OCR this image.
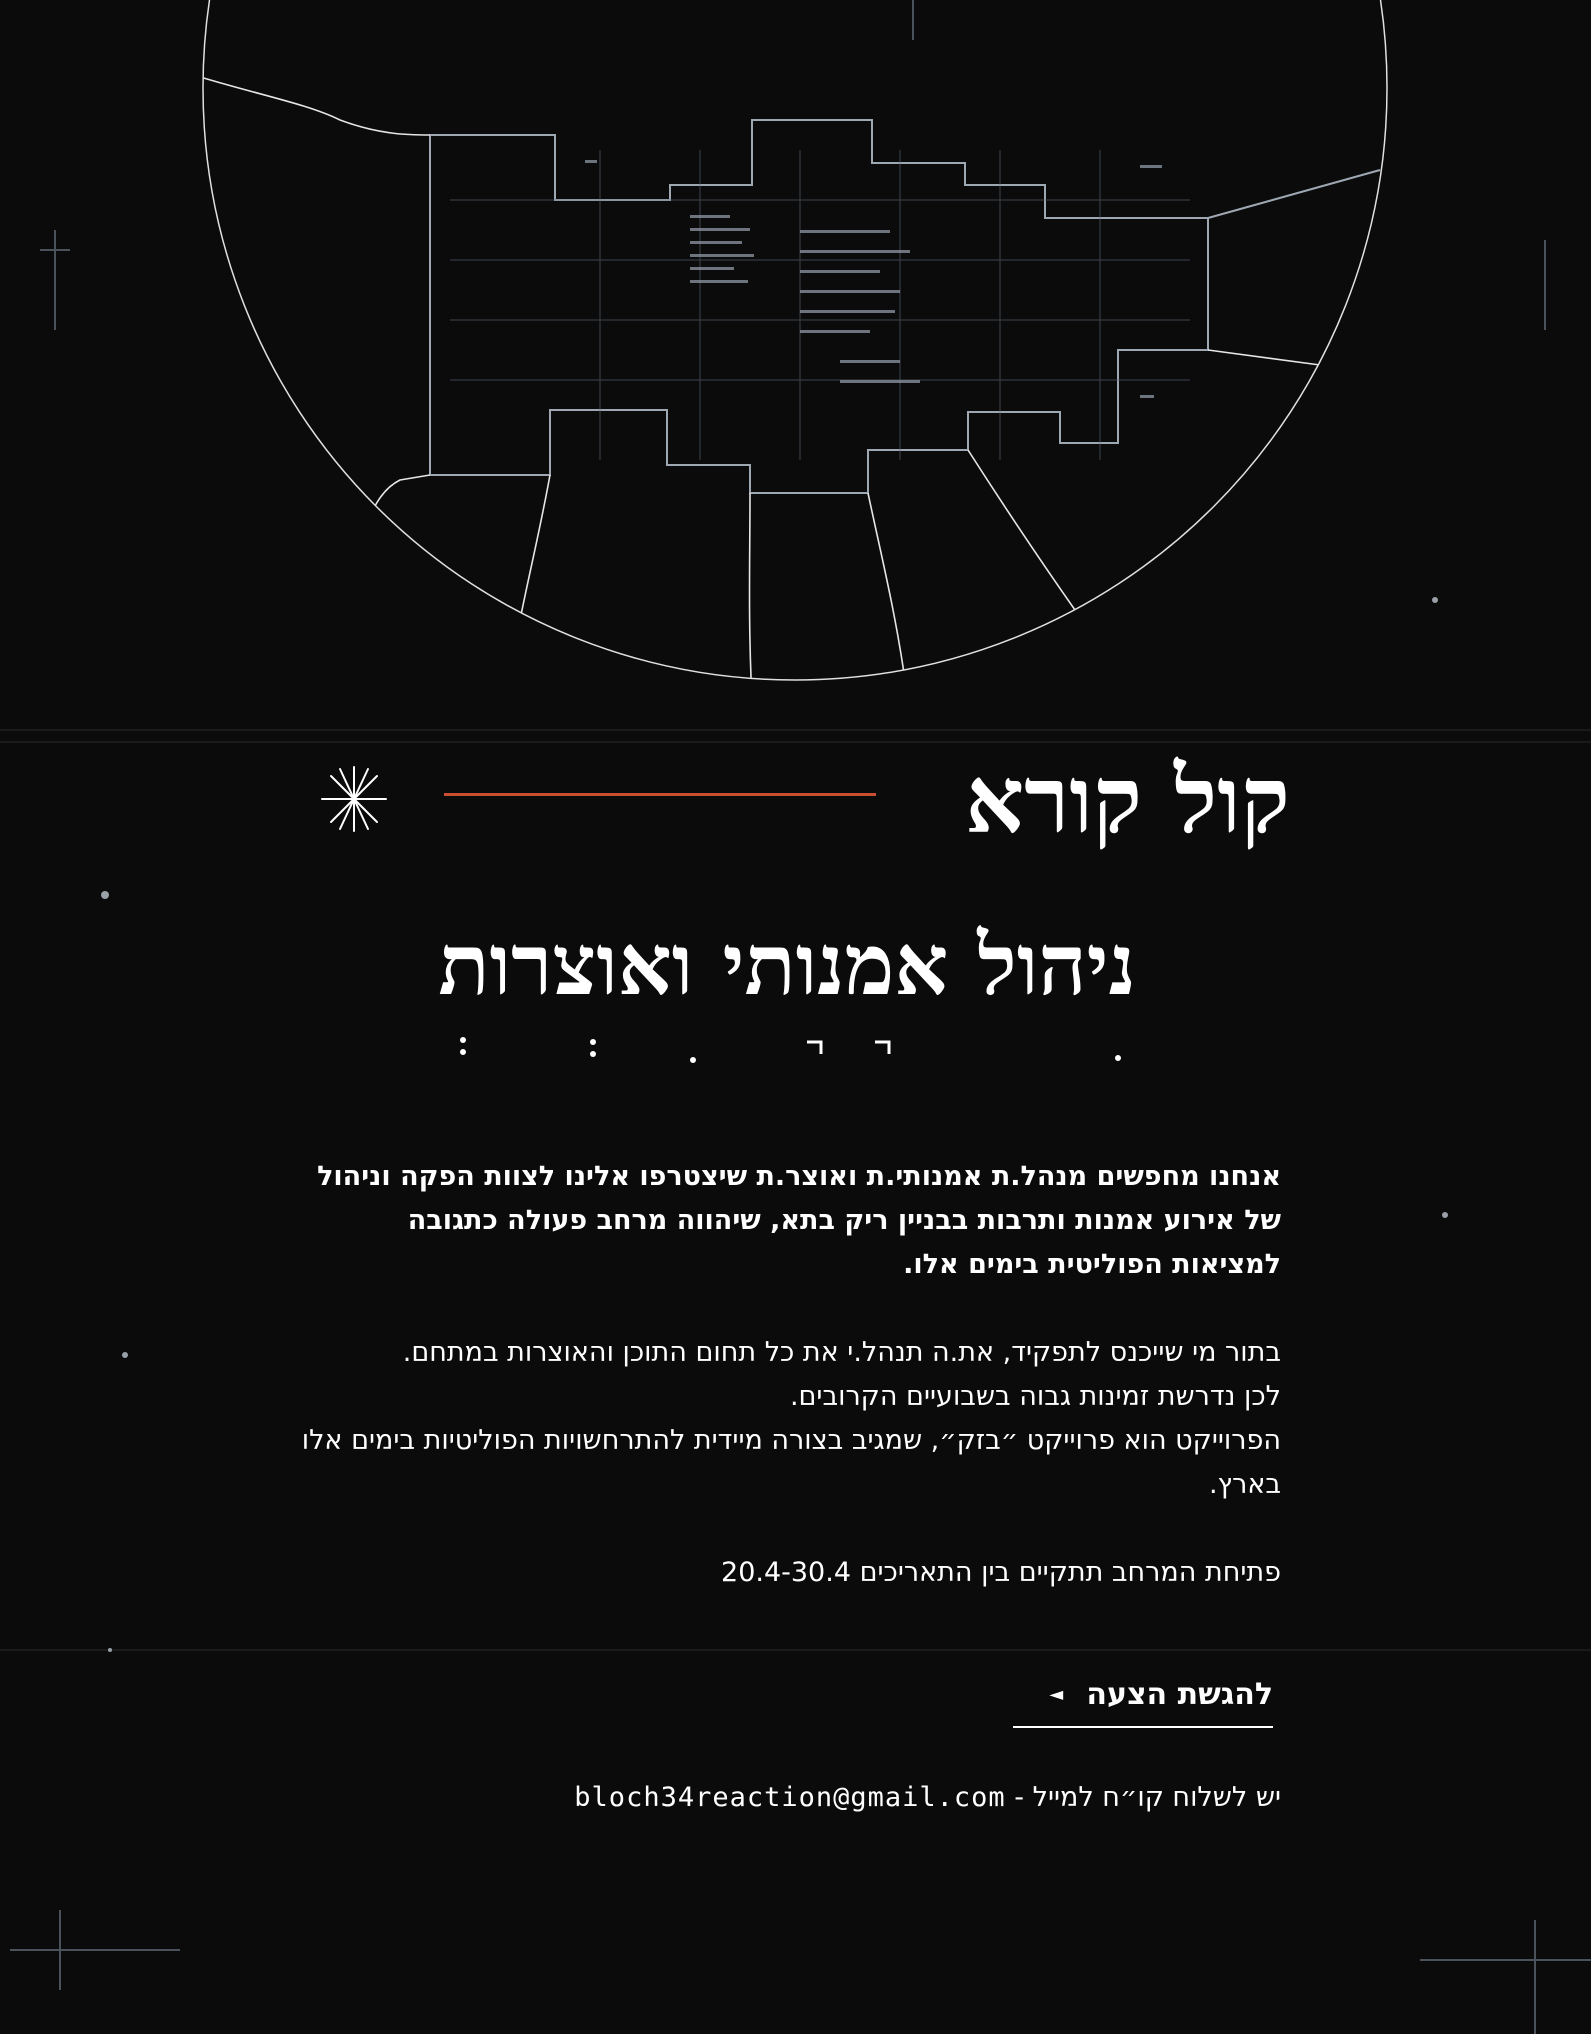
קול קורא
ניהול אמנותי ואוצרות

אנחנו מחפשים מנהל.ת אמנותי.ת ואוצר.ת שיצטרפו אלינו לצוות הפקה וניהול של אירוע אמנות ותרבות בבניין ריק בתא, שיהווה מרחב פעולה כתגובה למציאות הפוליטית בימים אלו.

בתור מי שייכנס לתפקיד, את.ה תנהל.י את כל תחום התוכן והאוצרות במתחם.
לכן נדרשת זמינות גבוה בשבועיים הקרובים.
הפרוייקט הוא פרוייקט ״בזק״, שמגיב בצורה מיידית להתרחשויות הפוליטיות בימים אלו בארץ.

פתיחת המרחב תתקיים בין התאריכים 20.4-30.4

להגשת הצעה ◄
יש לשלוח קו״ח למייל - bloch34reaction@gmail.com
